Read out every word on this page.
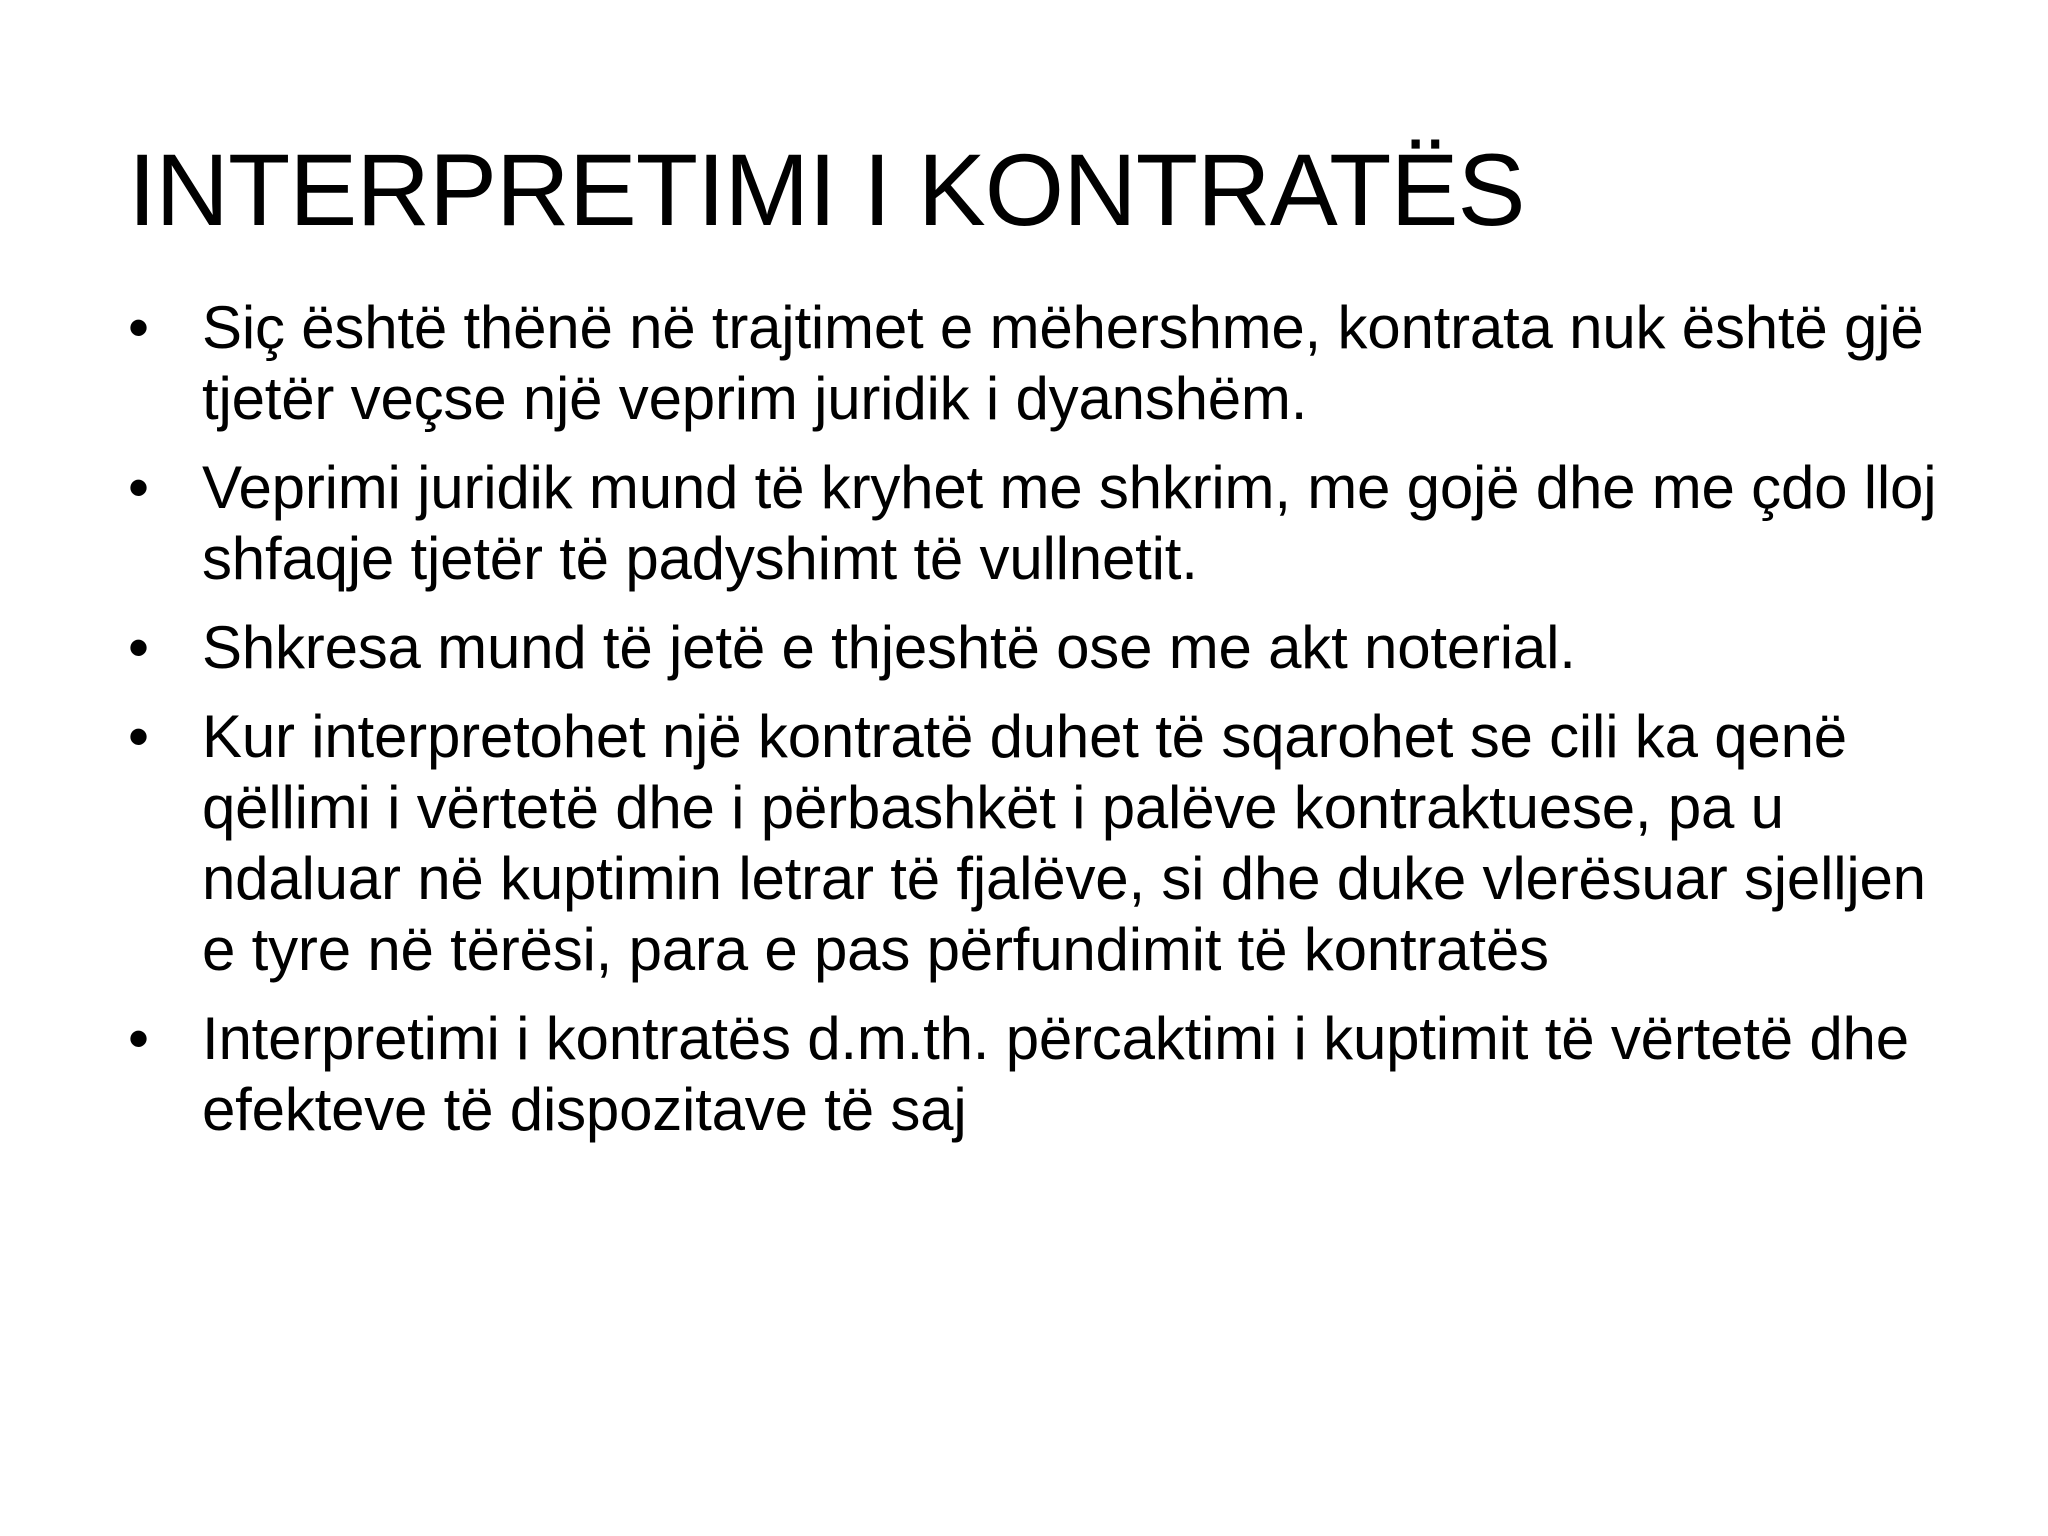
INTERPRETIMI I KONTRATËS
• Siç është thënë në trajtimet e mëhershme, kontrata nuk është gjë tjetër veçse një veprim juridik i dyanshëm.
• Veprimi juridik mund të kryhet me shkrim, me gojë dhe me çdo lloj shfaqje tjetër të padyshimt të vullnetit.
• Shkresa mund të jetë e thjeshtë ose me akt noterial.
• Kur interpretohet një kontratë duhet të sqarohet se cili ka qenë qëllimi i vërtetë dhe i përbashkët i palëve kontraktuese, pa u ndaluar në kuptimin letrar të fjalëve, si dhe duke vlerësuar sjelljen e tyre në tërësi, para e pas përfundimit të kontratës
• Interpretimi i kontratës d.m.th. përcaktimi i kuptimit të vërtetë dhe efekteve të dispozitave të saj
